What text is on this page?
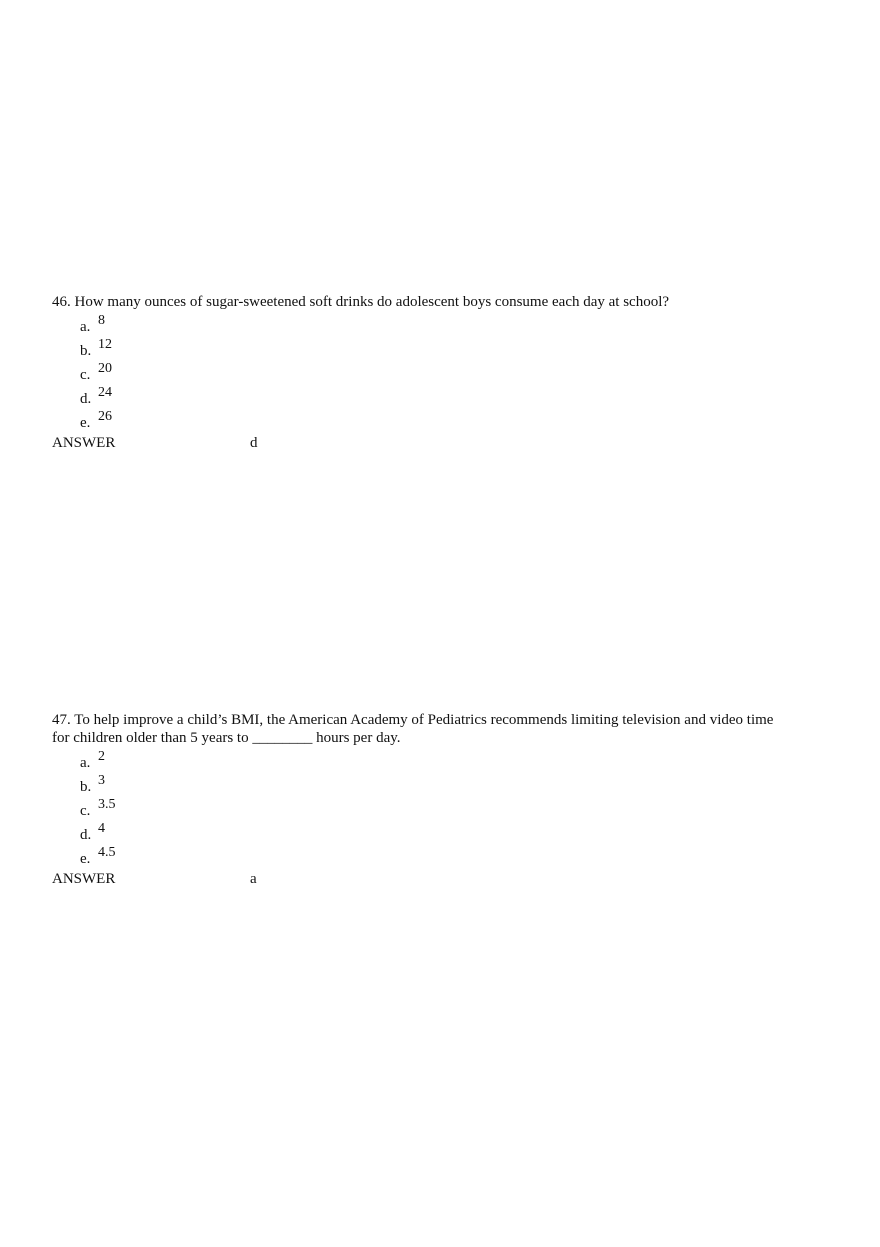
46. How many ounces of sugar-sweetened soft drinks do adolescent boys consume each day at school?

a. 8
b. 12
c. 20
d. 24
e. 26
ANSWER	d

47. To help improve a child’s BMI, the American Academy of Pediatrics recommends limiting television and video time
for children older than 5 years to ________ hours per day.

a. 2
b. 3
c. 3.5
d. 4
e. 4.5
ANSWER	a
